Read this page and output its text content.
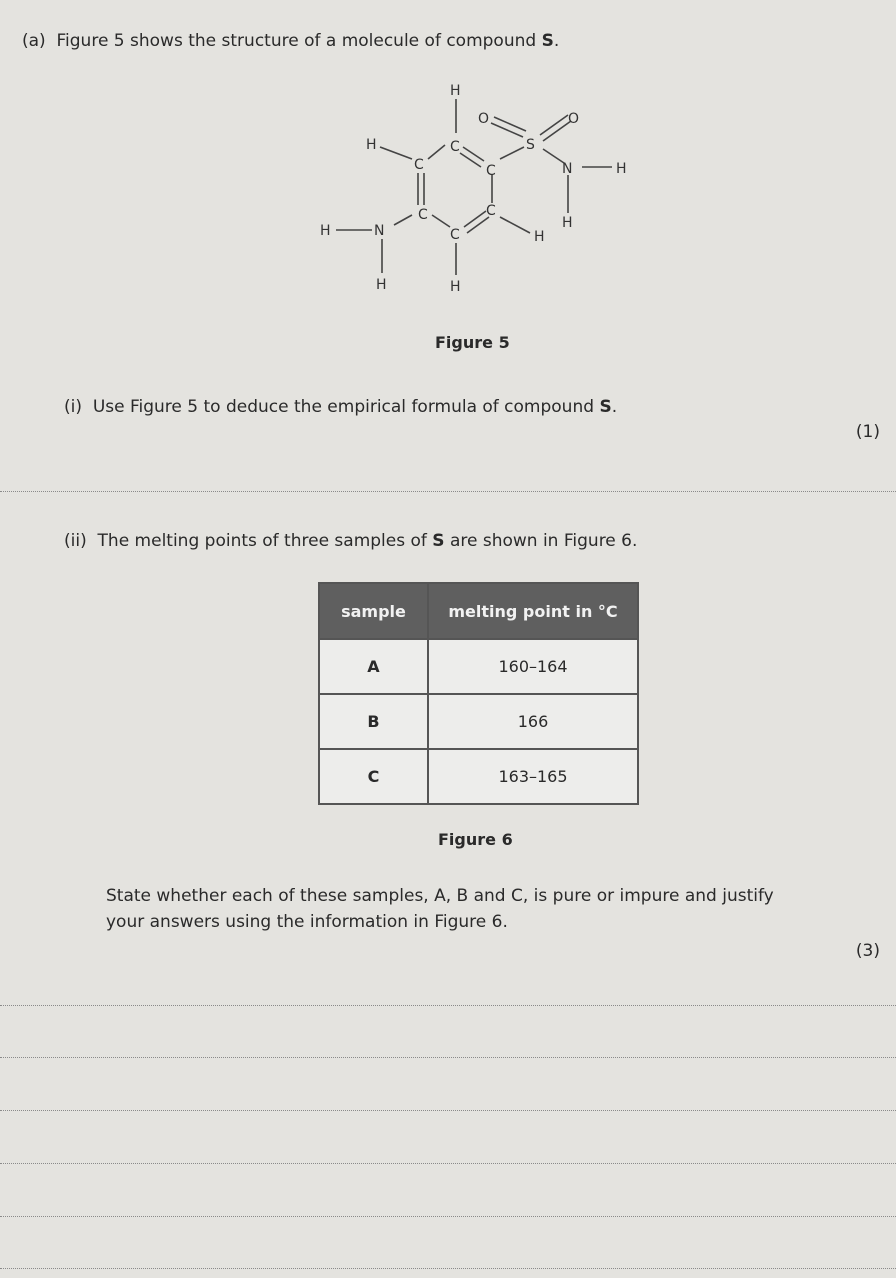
(a) Figure 5 shows the structure of a molecule of compound S.
H
O	O
H	C	S
C	C	N	H
C	C
H
H	N	C	H
H	H
Figure 5
(i) Use Figure 5 to deduce the empirical formula of compound S.
(1)
(ii) The melting points of three samples of S are shown in Figure 6.
sample	melting point in °C
A	160–164
B	166
C	163–165
Figure 6
State whether each of these samples, A, B and C, is pure or impure and justify
your answers using the information in Figure 6.
(3)
